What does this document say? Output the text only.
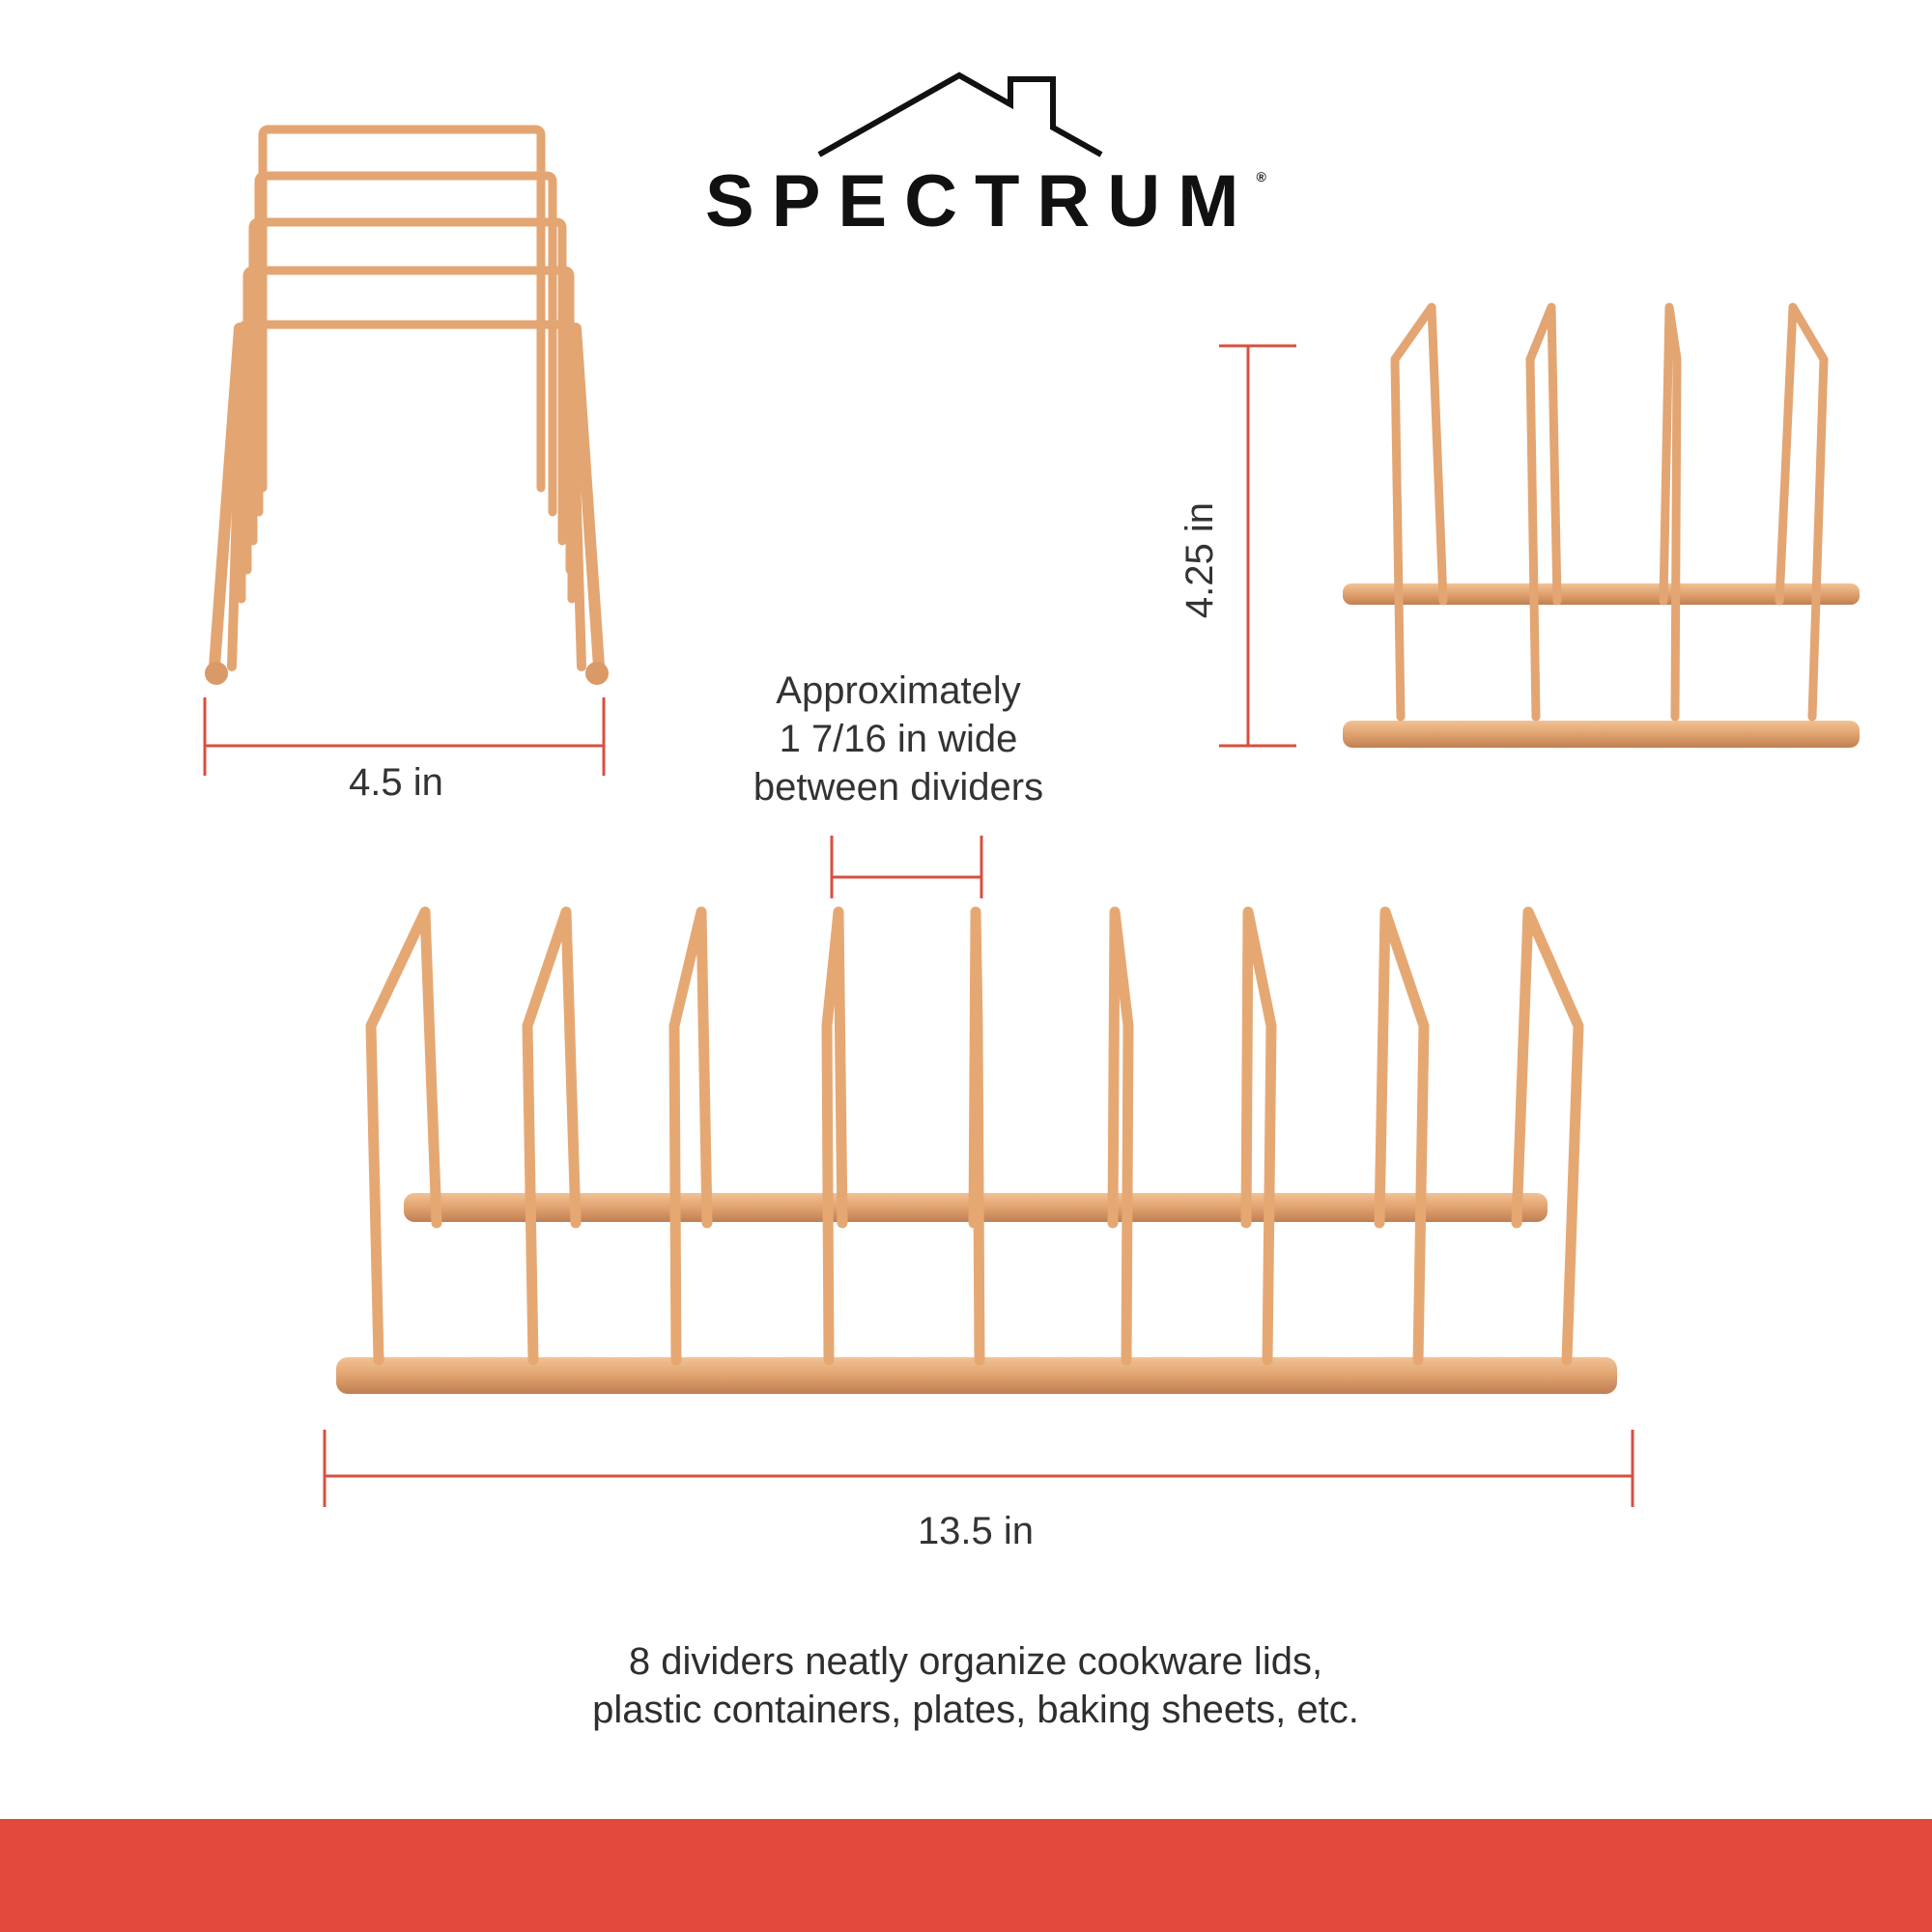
SPECTRUM®
4.5 in
4.25 in
Approximately
1 7/16 in wide
between dividers
13.5 in
8 dividers neatly organize cookware lids,
plastic containers, plates, baking sheets, etc.
